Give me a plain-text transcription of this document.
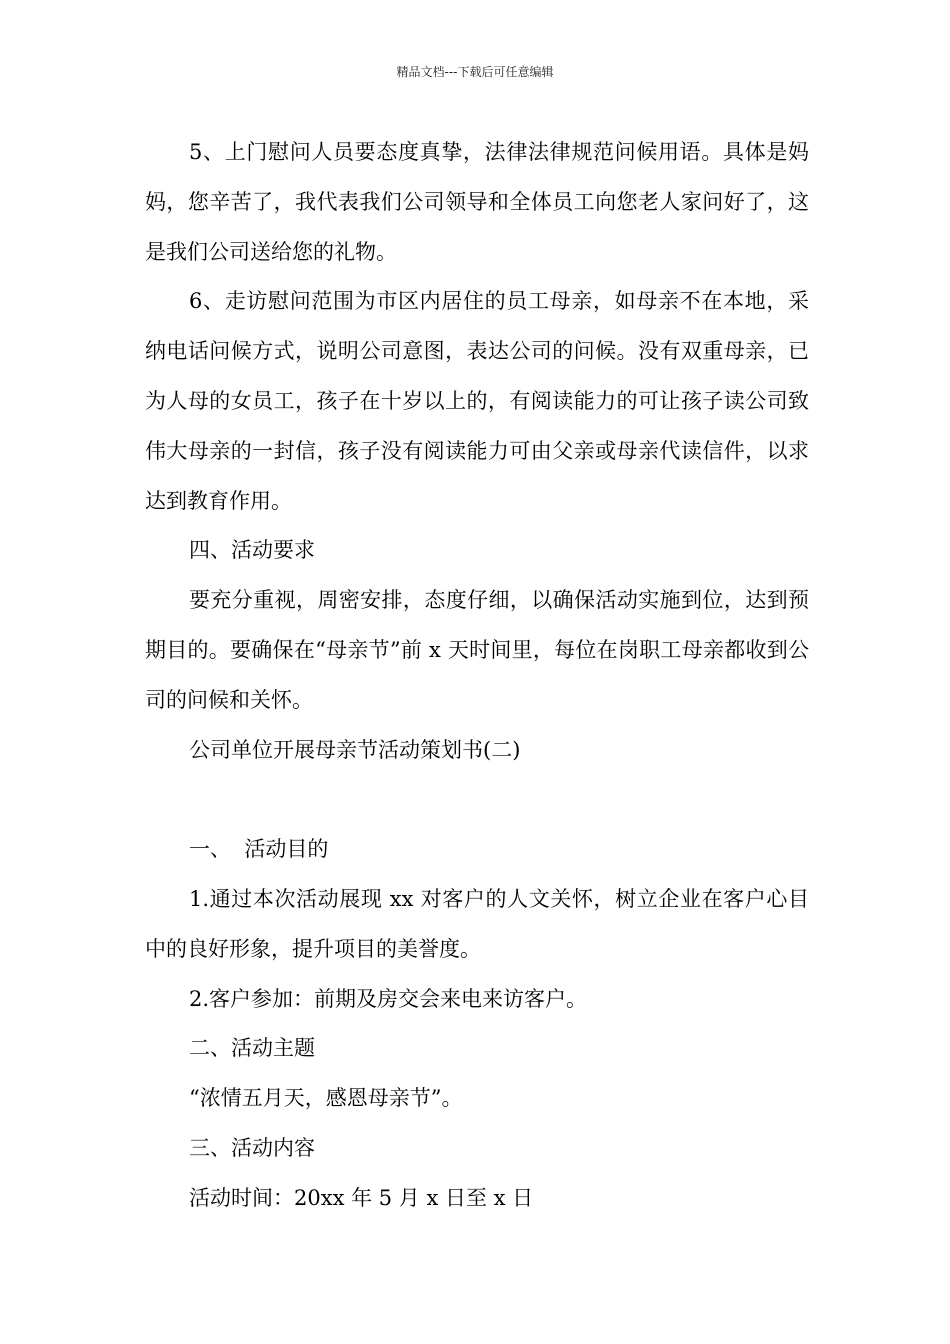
精品文档---下载后可任意编辑

5、上门慰问人员要态度真挚，法律法律规范问候用语。具体是妈妈，您辛苦了，我代表我们公司领导和全体员工向您老人家问好了，这是我们公司送给您的礼物。

6、走访慰问范围为市区内居住的员工母亲，如母亲不在本地，采纳电话问候方式，说明公司意图，表达公司的问候。没有双重母亲，已为人母的女员工，孩子在十岁以上的，有阅读能力的可让孩子读公司致伟大母亲的一封信，孩子没有阅读能力可由父亲或母亲代读信件，以求达到教育作用。

四、活动要求

要充分重视，周密安排，态度仔细，以确保活动实施到位，达到预期目的。要确保在“母亲节”前 x 天时间里，每位在岗职工母亲都收到公司的问候和关怀。

公司单位开展母亲节活动策划书(二)

一、  活动目的

1.通过本次活动展现 xx 对客户的人文关怀，树立企业在客户心目中的良好形象，提升项目的美誉度。

2.客户参加：前期及房交会来电来访客户。

二、活动主题

“浓情五月天，感恩母亲节”。

三、活动内容

活动时间：20xx 年 5 月 x 日至 x 日
